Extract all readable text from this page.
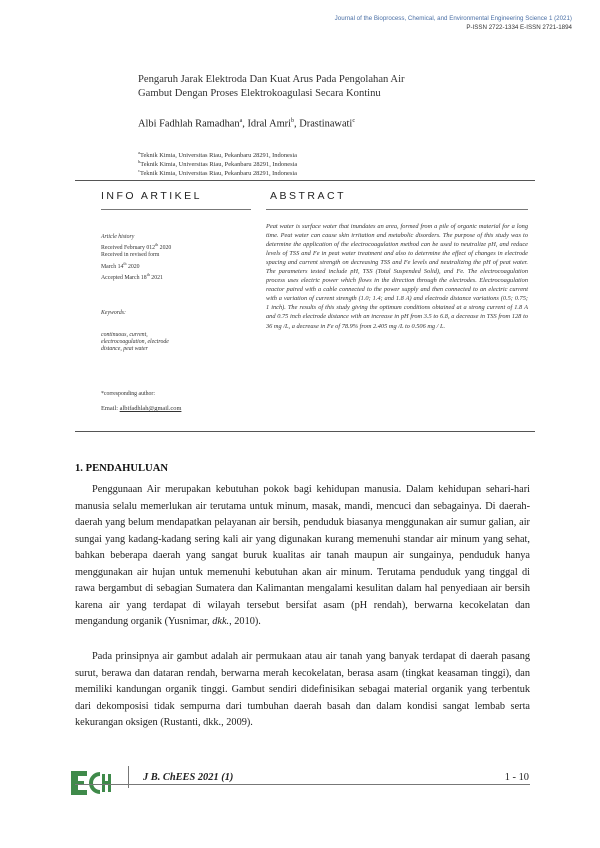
Journal of the Bioprocess, Chemical, and Environmental Engineering Science 1 (2021)
P-ISSN 2722-1334 E-ISSN 2721-1894
Pengaruh Jarak Elektroda Dan Kuat Arus Pada Pengolahan Air
Gambut Dengan Proses Elektrokoagulasi Secara Kontinu
Albi Fadhlah Ramadhan$^a$, Idral Amri$^b$, Drastinawati$^c$
$^a$Teknik Kimia, Universitas Riau, Pekanbaru 28291, Indonesia
$^b$Teknik Kimia, Universitas Riau, Pekanbaru 28291, Indonesia
$^c$Teknik Kimia, Universitas Riau, Pekanbaru 28291, Indonesia
INFO ARTIKEL	ABSTRACT
Article history
Received February 012th 2020
Received in revised form
March 14th 2020
Accepted March 18th 2021
Keywords:
continuous, current,
electrocoagulation, electrode
distance, peat water
*corresponding author:
Email: albifadhlah@gmail.com

Peat water is surface water that inundates an area, formed from a pile of organic material for a long time. Peat water can cause skin irritation and metabolic disorders. The purpose of this study was to determine the application of the electrocoagulation method can be used to neutralize pH, and reduce levels of TSS and Fe in peat water treatment and also to determine the effect of changes in electrode spacing and current strength on decreasing TSS and Fe levels and neutralizing the pH of peat water. The parameters tested include pH, TSS (Total Suspended Solid), and Fe. The electrocoagulation process uses electric power which flows in the direction through the electrodes. Electrocoagulation reactor paired with a cable connected to the power supply and then connected to an electric current with a variation of current strength (1.0; 1.4; and 1.8 A) and electrode distance variations (0.5; 0.75; 1 inch). The results of this study giving the optimum conditions obtained at a strong current of 1.8 A and 0.75 inch electrode distance with an increase in pH from 3.5 to 6.8, a decrease in TSS from 128 to 36 mg /L, a decrease in Fe of 78.9% from 2.405 mg /L to 0.506 mg / L.

1. PENDAHULUAN

Penggunaan Air merupakan kebutuhan pokok bagi kehidupan manusia. Dalam kehidupan sehari-hari manusia selalu memerlukan air terutama untuk minum, masak, mandi, mencuci dan sebagainya. Di daerah-daerah yang belum mendapatkan pelayanan air bersih, penduduk biasanya menggunakan air sumur galian, air sungai yang kadang-kadang sering kali air yang digunakan kurang memenuhi standar air minum yang sehat, bahkan beberapa daerah yang sangat buruk kualitas air tanah maupun air sungainya, penduduk hanya menggunakan air hujan untuk memenuhi kebutuhan akan air minum. Terutama penduduk yang tinggal di rawa bergambut di sebagian Sumatera dan Kalimantan mengalami kesulitan dalam hal penyediaan air bersih karena air yang terdapat di wilayah tersebut bersifat asam (pH rendah), berwarna kecokelatan dan mengandung organik (Yusnimar, dkk., 2010).

Pada prinsipnya air gambut adalah air permukaan atau air tanah yang banyak terdapat di daerah pasang surut, berawa dan dataran rendah, berwarna merah kecokelatan, berasa asam (tingkat keasaman tinggi), dan memiliki kandungan organik tinggi. Gambut sendiri didefinisikan sebagai material organik yang terbentuk dari dekomposisi tidak sempurna dari tumbuhan daerah basah dan dalam kondisi sangat lembab serta kekurangan oksigen (Rustanti, dkk., 2009).

J B. ChEES 2021 (1)	1 - 10
